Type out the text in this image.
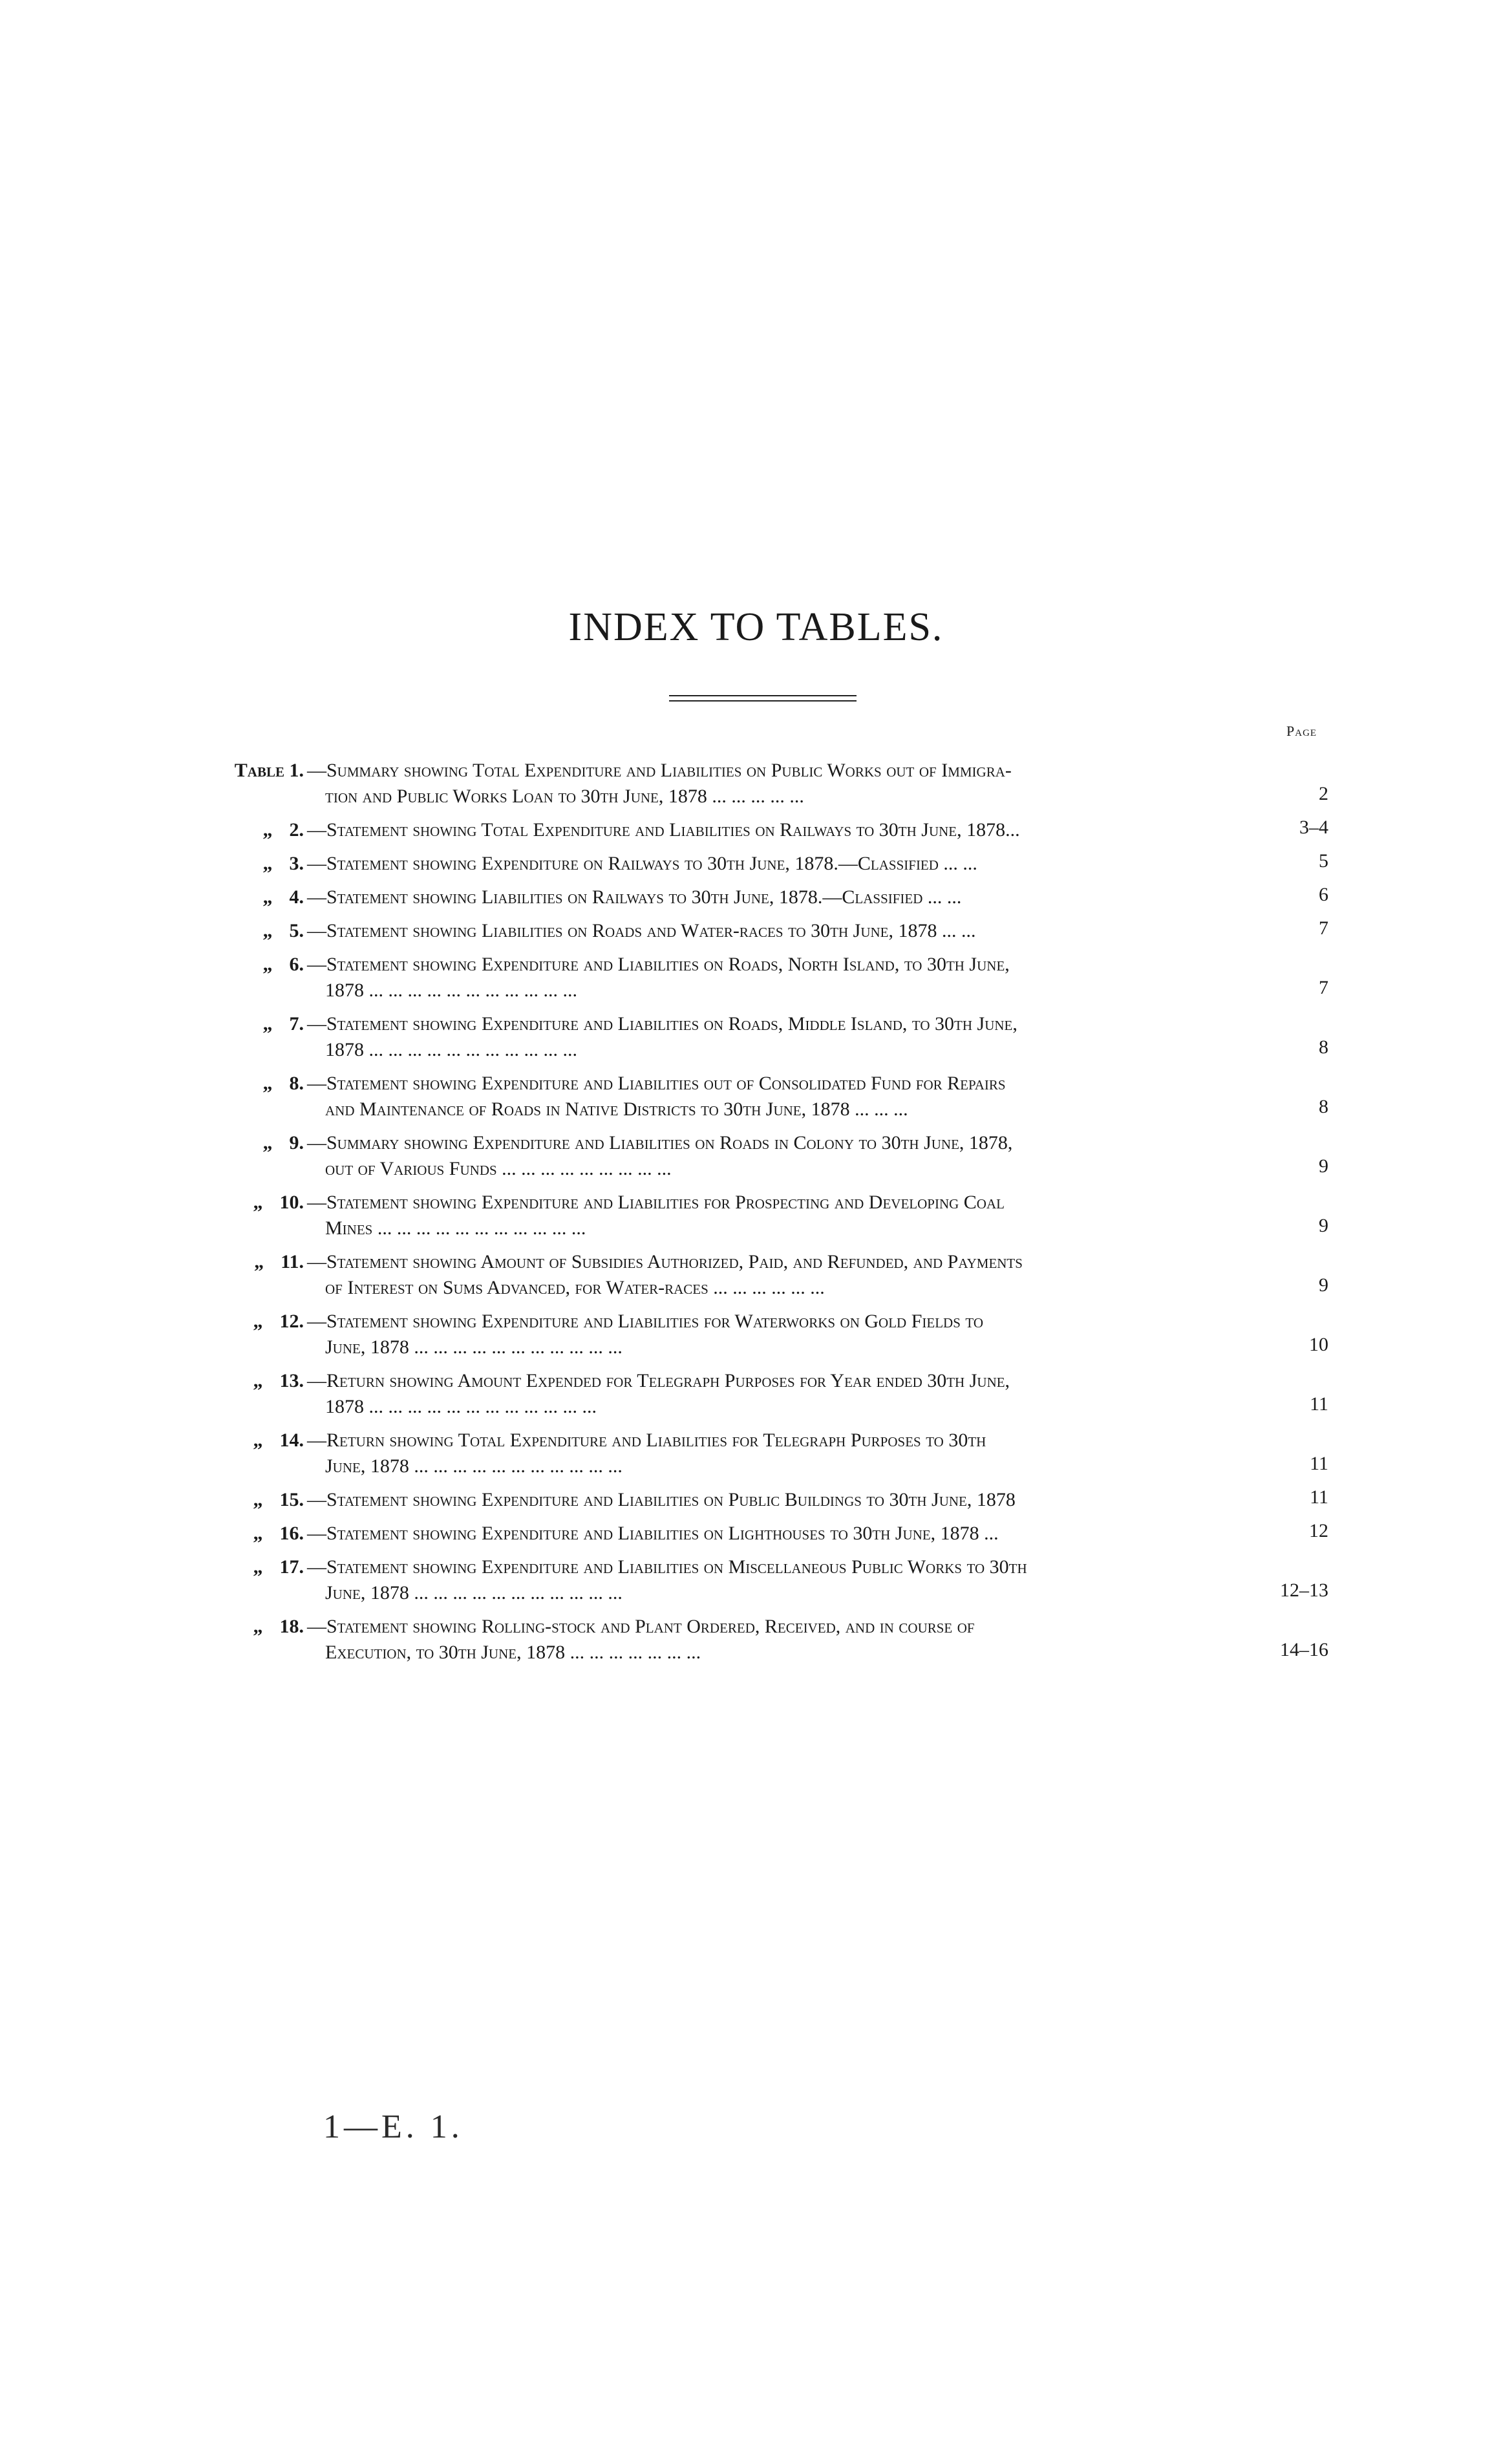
INDEX TO TABLES.
Page
Table 1. —Summary showing Total Expenditure and Liabilities on Public Works out of Immigra-
tion and Public Works Loan to 30th June, 1878 ... ... ... ... ...	2
„ 2. —Statement showing Total Expenditure and Liabilities on Railways to 30th June, 1878...	3–4
„ 3. —Statement showing Expenditure on Railways to 30th June, 1878.—Classified ... ...	5
„ 4. —Statement showing Liabilities on Railways to 30th June, 1878.—Classified ... ...	6
„ 5. —Statement showing Liabilities on Roads and Water-races to 30th June, 1878 ... ...	7
„ 6. —Statement showing Expenditure and Liabilities on Roads, North Island, to 30th June,
1878 ... ... ... ... ... ... ... ... ... ... ...	7
„ 7. —Statement showing Expenditure and Liabilities on Roads, Middle Island, to 30th June,
1878 ... ... ... ... ... ... ... ... ... ... ...	8
„ 8. —Statement showing Expenditure and Liabilities out of Consolidated Fund for Repairs
and Maintenance of Roads in Native Districts to 30th June, 1878 ... ... ...	8
„ 9. —Summary showing Expenditure and Liabilities on Roads in Colony to 30th June, 1878,
out of Various Funds ... ... ... ... ... ... ... ... ...	9
„ 10. —Statement showing Expenditure and Liabilities for Prospecting and Developing Coal
Mines ... ... ... ... ... ... ... ... ... ... ...	9
„ 11. —Statement showing Amount of Subsidies Authorized, Paid, and Refunded, and Payments
of Interest on Sums Advanced, for Water-races ... ... ... ... ... ...	9
„ 12. —Statement showing Expenditure and Liabilities for Waterworks on Gold Fields to
June, 1878 ... ... ... ... ... ... ... ... ... ... ...	10
„ 13. —Return showing Amount Expended for Telegraph Purposes for Year ended 30th June,
1878 ... ... ... ... ... ... ... ... ... ... ... ...	11
„ 14. —Return showing Total Expenditure and Liabilities for Telegraph Purposes to 30th
June, 1878 ... ... ... ... ... ... ... ... ... ... ...	11
„ 15. —Statement showing Expenditure and Liabilities on Public Buildings to 30th June, 1878	11
„ 16. —Statement showing Expenditure and Liabilities on Lighthouses to 30th June, 1878 ...	12
„ 17. —Statement showing Expenditure and Liabilities on Miscellaneous Public Works to 30th
June, 1878 ... ... ... ... ... ... ... ... ... ... ...	12–13
„ 18. —Statement showing Rolling-stock and Plant Ordered, Received, and in course of
Execution, to 30th June, 1878 ... ... ... ... ... ... ...	14–16
1—E. 1.
